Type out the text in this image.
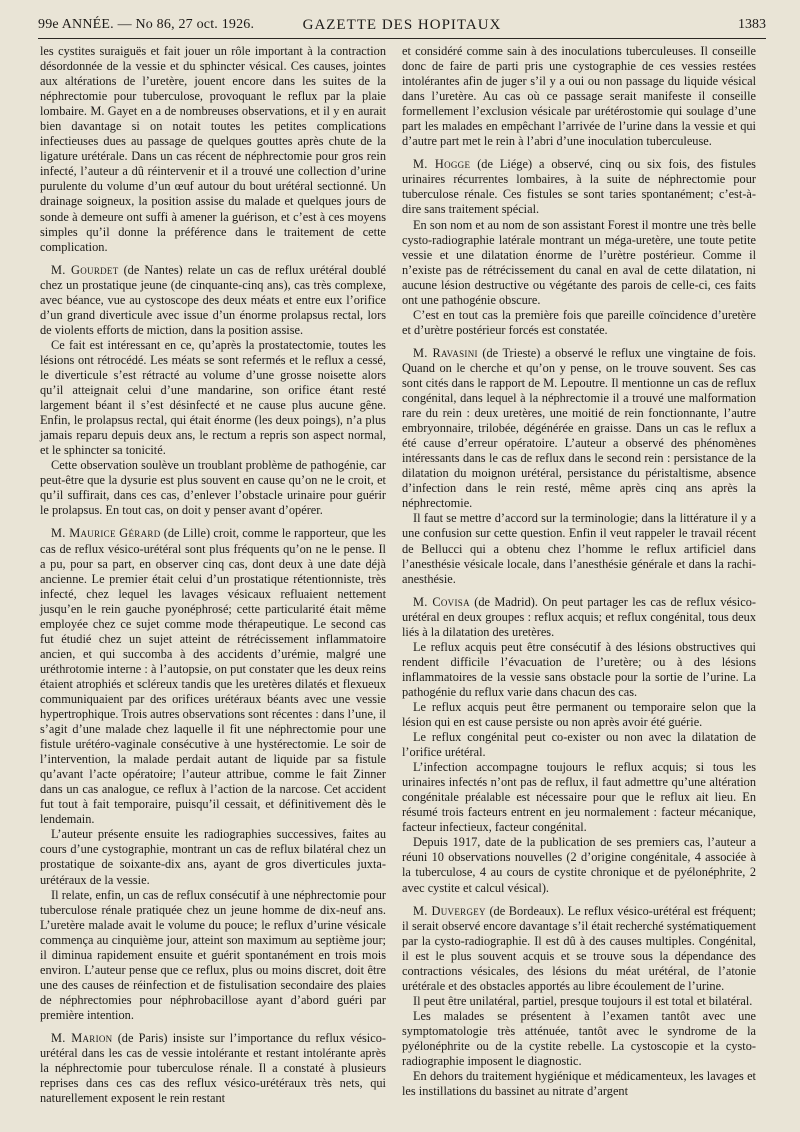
99e ANNÉE. — No 86, 27 oct. 1926.	GAZETTE DES HOPITAUX	1383

les cystites suraiguës et fait jouer un rôle important à la contraction désordonnée de la vessie et du sphincter vésical. Ces causes, jointes aux altérations de l’uretère, jouent encore dans les suites de la néphrectomie pour tuberculose, provoquant le reflux par la plaie lombaire. M. Gayet en a de nombreuses observations, et il y en aurait bien davantage si on notait toutes les petites complications infectieuses dues au passage de quelques gouttes après chute de la ligature urétérale. Dans un cas récent de néphrectomie pour gros rein infecté, l’auteur a dû réintervenir et il a trouvé une collection d’urine purulente du volume d’un œuf autour du bout urétéral sectionné. Un drainage soigneux, la position assise du malade et quelques jours de sonde à demeure ont suffi à amener la guérison, et c’est à ces moyens simples qu’il donne la préférence dans le traitement de cette complication.

M. Gourdet (de Nantes) relate un cas de reflux urétéral doublé chez un prostatique jeune (de cinquante-cinq ans), cas très complexe, avec béance, vue au cystoscope des deux méats et entre eux l’orifice d’un grand diverticule avec issue d’un énorme prolapsus rectal, lors de violents efforts de miction, dans la position assise.

Ce fait est intéressant en ce, qu’après la prostatectomie, toutes les lésions ont rétrocédé. Les méats se sont refermés et le reflux a cessé, le diverticule s’est rétracté au volume d’une grosse noisette alors qu’il atteignait celui d’une mandarine, son orifice étant resté largement béant il s’est désinfecté et ne cause plus aucune gêne. Enfin, le prolapsus rectal, qui était énorme (les deux poings), n’a plus jamais reparu depuis deux ans, le rectum a repris son aspect normal, et le sphincter sa tonicité.

Cette observation soulève un troublant problème de pathogénie, car peut-être que la dysurie est plus souvent en cause qu’on ne le croit, et qu’il suffirait, dans ces cas, d’enlever l’obstacle urinaire pour guérir le prolapsus. En tout cas, on doit y penser avant d’opérer.

M. Maurice Gérard (de Lille) croit, comme le rapporteur, que les cas de reflux vésico-urétéral sont plus fréquents qu’on ne le pense. Il a pu, pour sa part, en observer cinq cas, dont deux à une date déjà ancienne. Le premier était celui d’un prostatique rétentionniste, très infecté, chez lequel les lavages vésicaux refluaient nettement jusqu’en le rein gauche pyonéphrosé; cette particularité était même employée chez ce sujet comme mode thérapeutique. Le second cas fut étudié chez un sujet atteint de rétrécissement inflammatoire ancien, et qui succomba à des accidents d’urémie, malgré une uréthrotomie interne : à l’autopsie, on put constater que les deux reins étaient atrophiés et scléreux tandis que les uretères dilatés et flexueux communiquaient par des orifices urétéraux béants avec une vessie hypertrophique. Trois autres observations sont récentes : dans l’une, il s’agit d’une malade chez laquelle il fit une néphrectomie pour une fistule urétéro-vaginale consécutive à une hystérectomie. Le soir de l’intervention, la malade perdait autant de liquide par sa fistule qu’avant l’acte opératoire; l’auteur attribue, comme le fait Zinner dans un cas analogue, ce reflux à l’action de la narcose. Cet accident fut tout à fait temporaire, puisqu’il cessait, et définitivement dès le lendemain.

L’auteur présente ensuite les radiographies successives, faites au cours d’une cystographie, montrant un cas de reflux bilatéral chez un prostatique de soixante-dix ans, ayant de gros diverticules juxta-urétéraux de la vessie.

Il relate, enfin, un cas de reflux consécutif à une néphrectomie pour tuberculose rénale pratiquée chez un jeune homme de dix-neuf ans. L’uretère malade avait le volume du pouce; le reflux d’urine vésicale commença au cinquième jour, atteint son maximum au septième jour; il diminua rapidement ensuite et guérit spontanément en trois mois environ. L’auteur pense que ce reflux, plus ou moins discret, doit être une des causes de réinfection et de fistulisation secondaire des plaies de néphrectomies pour néphrobacillose ayant d’abord guéri par première intention.

M. Marion (de Paris) insiste sur l’importance du reflux vésico-urétéral dans les cas de vessie intolérante et restant intolérante après la néphrectomie pour tuberculose rénale. Il a constaté à plusieurs reprises dans ces cas des reflux vésico-urétéraux très nets, qui naturellement exposent le rein restant

et considéré comme sain à des inoculations tuberculeuses. Il conseille donc de faire de parti pris une cystographie de ces vessies restées intolérantes afin de juger s’il y a oui ou non passage du liquide vésical dans l’uretère. Au cas où ce passage serait manifeste il conseille formellement l’exclusion vésicale par urétérostomie qui soulage d’une part les malades en empêchant l’arrivée de l’urine dans la vessie et qui d’autre part met le rein à l’abri d’une inoculation tuberculeuse.

M. Hogge (de Liége) a observé, cinq ou six fois, des fistules urinaires récurrentes lombaires, à la suite de néphrectomie pour tuberculose rénale. Ces fistules se sont taries spontanément; c’est-à-dire sans traitement spécial.

En son nom et au nom de son assistant Forest il montre une très belle cysto-radiographie latérale montrant un méga-uretère, une toute petite vessie et une dilatation énorme de l’urètre postérieur. Comme il n’existe pas de rétrécissement du canal en aval de cette dilatation, ni aucune lésion destructive ou végétante des parois de celle-ci, ces faits ont une pathogénie obscure.

C’est en tout cas la première fois que pareille coïncidence d’uretère et d’urètre postérieur forcés est constatée.

M. Ravasini (de Trieste) a observé le reflux une vingtaine de fois. Quand on le cherche et qu’on y pense, on le trouve souvent. Ses cas sont cités dans le rapport de M. Lepoutre. Il mentionne un cas de reflux congénital, dans lequel à la néphrectomie il a trouvé une malformation rare du rein : deux uretères, une moitié de rein fonctionnante, l’autre embryonnaire, trilobée, dégénérée en graisse. Dans un cas le reflux a été cause d’erreur opératoire. L’auteur a observé des phénomènes intéressants dans le cas de reflux dans le second rein : persistance de la dilatation du moignon urétéral, persistance du péristaltisme, absence d’infection dans le rein resté, même après cinq ans après la néphrectomie.

Il faut se mettre d’accord sur la terminologie; dans la littérature il y a une confusion sur cette question. Enfin il veut rappeler le travail récent de Bellucci qui a obtenu chez l’homme le reflux artificiel dans l’anesthésie vésicale locale, dans l’anesthésie générale et dans la rachi-anesthésie.

M. Covisa (de Madrid). On peut partager les cas de reflux vésico-urétéral en deux groupes : reflux acquis; et reflux congénital, tous deux liés à la dilatation des uretères.

Le reflux acquis peut être consécutif à des lésions obstructives qui rendent difficile l’évacuation de l’uretère; ou à des lésions inflammatoires de la vessie sans obstacle pour la sortie de l’urine. La pathogénie du reflux varie dans chacun des cas.

Le reflux acquis peut être permanent ou temporaire selon que la lésion qui en est cause persiste ou non après avoir été guérie.

Le reflux congénital peut co-exister ou non avec la dilatation de l’orifice urétéral.

L’infection accompagne toujours le reflux acquis; si tous les urinaires infectés n’ont pas de reflux, il faut admettre qu’une altération congénitale préalable est nécessaire pour que le reflux ait lieu. En résumé trois facteurs entrent en jeu normalement : facteur mécanique, facteur infectieux, facteur congénital.

Depuis 1917, date de la publication de ses premiers cas, l’auteur a réuni 10 observations nouvelles (2 d’origine congénitale, 4 associée à la tuberculose, 4 au cours de cystite chronique et de pyélonéphrite, 2 avec cystite et calcul vésical).

M. Duvergey (de Bordeaux). Le reflux vésico-urétéral est fréquent; il serait observé encore davantage s’il était recherché systématiquement par la cysto-radiographie. Il est dû à des causes multiples. Congénital, il est le plus souvent acquis et se trouve sous la dépendance des contractions vésicales, des lésions du méat urétéral, de l’atonie urétérale et des obstacles apportés au libre écoulement de l’urine.

Il peut être unilatéral, partiel, presque toujours il est total et bilatéral.

Les malades se présentent à l’examen tantôt avec une symptomatologie très atténuée, tantôt avec le syndrome de la pyélonéphrite ou de la cystite rebelle. La cystoscopie et la cysto-radiographie imposent le diagnostic.

En dehors du traitement hygiénique et médicamenteux, les lavages et les instillations du bassinet au nitrate d’argent
